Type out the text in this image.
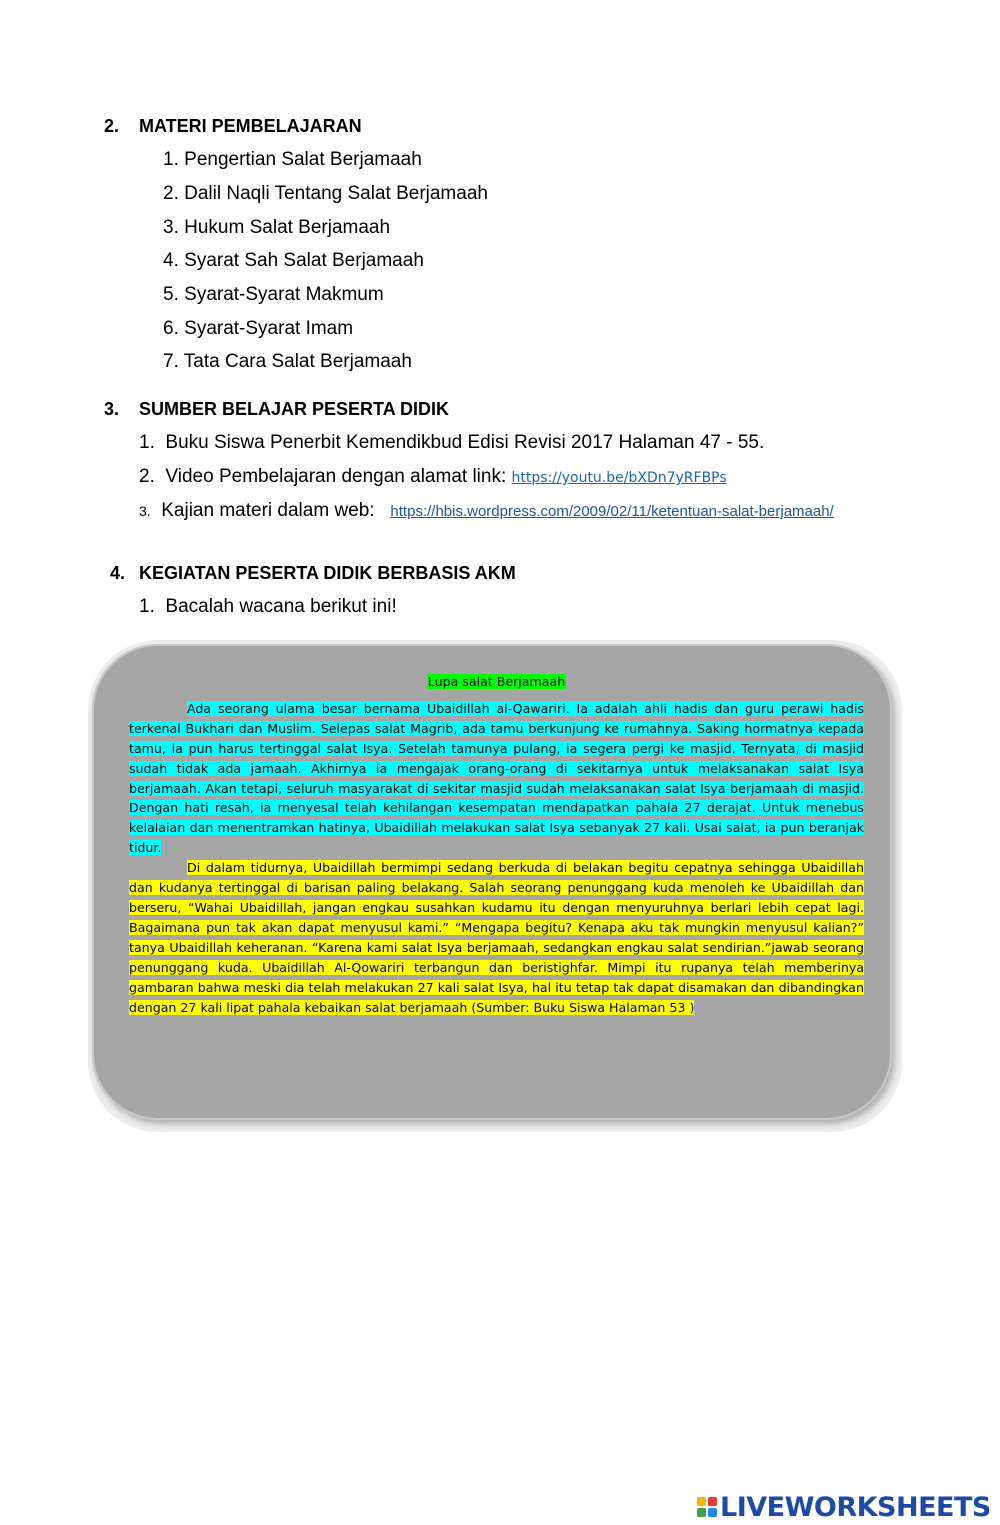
2. MATERI PEMBELAJARAN
1. Pengertian Salat Berjamaah
2. Dalil Naqli Tentang Salat Berjamaah
3. Hukum Salat Berjamaah
4. Syarat Sah Salat Berjamaah
5. Syarat-Syarat Makmum
6. Syarat-Syarat Imam
7. Tata Cara Salat Berjamaah
3. SUMBER BELAJAR PESERTA DIDIK
1. Buku Siswa Penerbit Kemendikbud Edisi Revisi 2017 Halaman 47 - 55.
2. Video Pembelajaran dengan alamat link: https://youtu.be/bXDn7yRFBPs
3. Kajian materi dalam web: https://hbis.wordpress.com/2009/02/11/ketentuan-salat-berjamaah/
4. KEGIATAN PESERTA DIDIK BERBASIS AKM
1. Bacalah wacana berikut ini!
Lupa salat Berjamaah

Ada seorang ulama besar bernama Ubaidillah al-Qawariri. Ia adalah ahli hadis dan guru perawi hadis terkenal Bukhari dan Muslim. Selepas salat Magrib, ada tamu berkunjung ke rumahnya. Saking hormatnya kepada tamu, ia pun harus tertinggal salat Isya. Setelah tamunya pulang, ia segera pergi ke masjid. Ternyata, di masjid sudah tidak ada jamaah. Akhirnya ia mengajak orang-orang di sekitarnya untuk melaksanakan salat Isya berjamaah. Akan tetapi, seluruh masyarakat di sekitar masjid sudah melaksanakan salat Isya berjamaah di masjid. Dengan hati resah, ia menyesal telah kehilangan kesempatan mendapatkan pahala 27 derajat. Untuk menebus kelalaian dan menentramkan hatinya, Ubaidillah melakukan salat Isya sebanyak 27 kali. Usai salat, ia pun beranjak tidur.

Di dalam tidurnya, Ubaidillah bermimpi sedang berkuda di belakan begitu cepatnya sehingga Ubaidillah dan kudanya tertinggal di barisan paling belakang. Salah seorang penunggang kuda menoleh ke Ubaidillah dan berseru, “Wahai Ubaidillah, jangan engkau susahkan kudamu itu dengan menyuruhnya berlari lebih cepat lagi. Bagaimana pun tak akan dapat menyusul kami.” “Mengapa begitu? Kenapa aku tak mungkin menyusul kalian?” tanya Ubaidillah keheranan. “Karena kami salat Isya berjamaah, sedangkan engkau salat sendirian.”jawab seorang penunggang kuda. Ubaidillah Al-Qowariri terbangun dan beristighfar. Mimpi itu rupanya telah memberinya gambaran bahwa meski dia telah melakukan 27 kali salat Isya, hal itu tetap tak dapat disamakan dan dibandingkan dengan 27 kali lipat pahala kebaikan salat berjamaah (Sumber: Buku Siswa Halaman 53 )

LIVEWORKSHEETS
